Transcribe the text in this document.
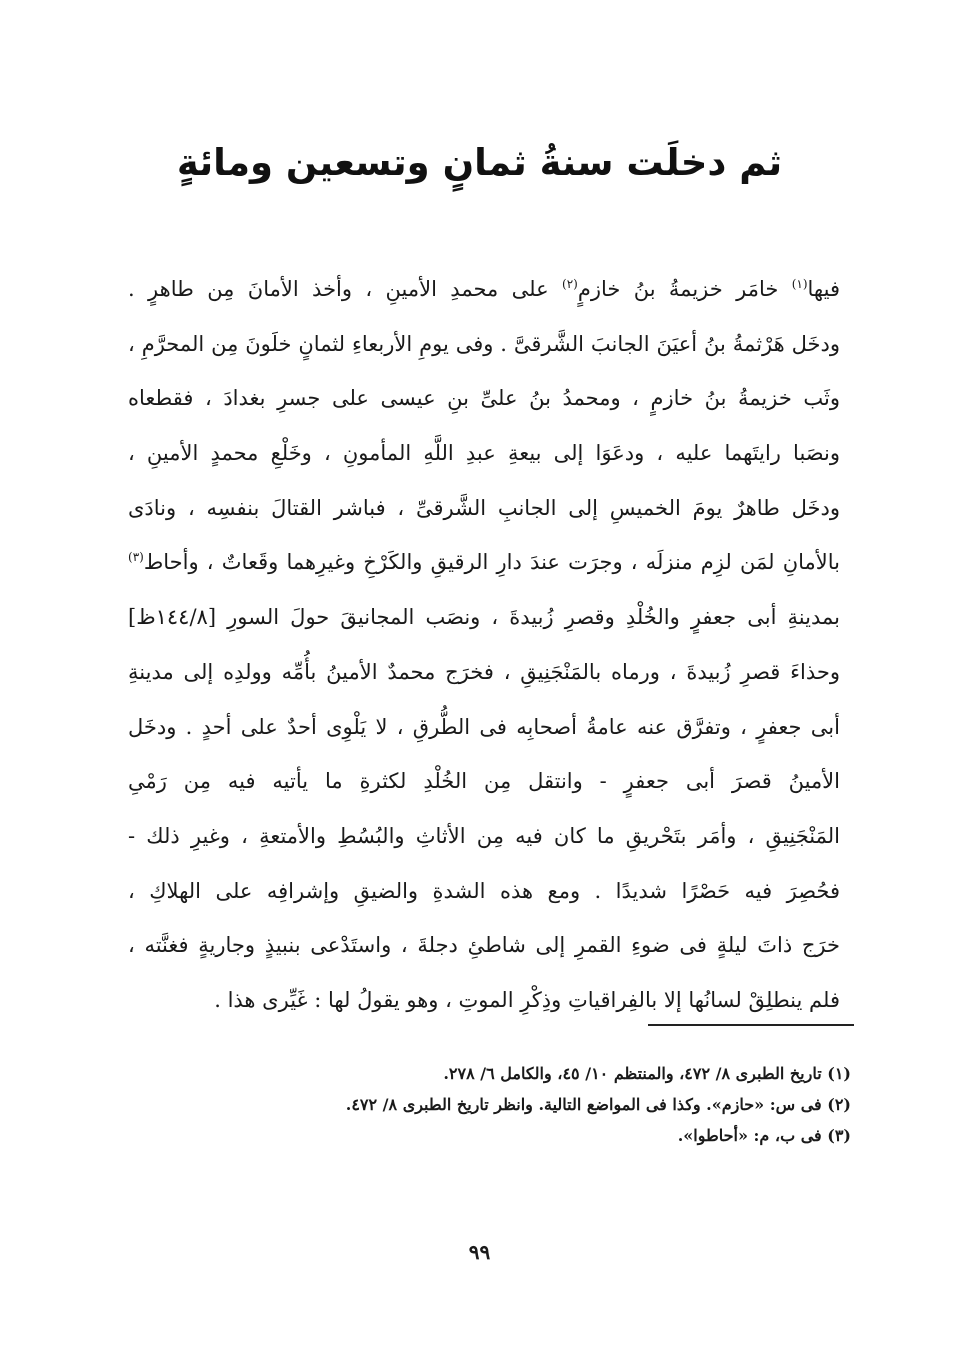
ثم دخلَت سنةُ ثمانٍ وتسعين ومائةٍ
فيها$^{(١)}$ خامَر خزيمةُ بنُ خازمٍ$^{(٢)}$ على محمدِ الأمينِ ، وأخذ الأمانَ مِن طاهرٍ .
ودخَل هَرْثمةُ بنُ أعيَنَ الجانبَ الشَّرقىَّ . وفى يومِ الأربعاءِ لثمانٍ خلَونَ مِن المحرَّمِ ،
وثَب خزيمةُ بنُ خازمٍ ، ومحمدُ بنُ علىِّ بنِ عيسى على جسرِ بغدادَ ، فقطعاه
ونصَبا رايتَهما عليه ، ودعَوَا إلى بيعةِ عبدِ اللَّهِ المأمونِ ، وخَلْعِ محمدٍ الأمينِ ،
ودخَل طاهرٌ يومَ الخميسِ إلى الجانبِ الشَّرقىِّ ، فباشر القتالَ بنفسِه ، ونادَى
بالأمانِ لمَن لزِم منزلَه ، وجرَت عندَ دارِ الرقيقِ والكَرْخِ وغيرِهما وقَعاتٌ ، وأحاط$^{(٣)}$
بمدينةِ أبى جعفرٍ والخُلْدِ وقصرِ زُبيدةَ ، ونصَب المجانيقَ حولَ السورِ [١٤٤/٨ظ]
وحذاءَ قصرِ زُبيدةَ ، ورماه بالمَنْجَنِيقِ ، فخرَج محمدٌ الأمينُ بأُمِّه وولدِه إلى مدينةِ
أبى جعفرٍ ، وتفرَّق عنه عامةُ أصحابِه فى الطُّرقِ ، لا يَلْوِى أحدٌ على أحدٍ . ودخَل
الأمينُ قصرَ أبى جعفرٍ - وانتقل مِن الخُلْدِ لكثرةِ ما يأتيه فيه مِن رَمْىِ
المَنْجَنِيقِ ، وأمَر بتَحْريقِ ما كان فيه مِن الأثاثِ والبُسُطِ والأمتعةِ ، وغيرِ ذلك -
فحُصِرَ فيه حَصْرًا شديدًا . ومع هذه الشدةِ والضيقِ وإشرافِه على الهلاكِ ،
خرَج ذاتَ ليلةٍ فى ضوءِ القمرِ إلى شاطئِ دجلةَ ، واستَدْعى بنبيذٍ وجاريةٍ فغنَّته ،
فلم ينطلِقْ لسانُها إلا بالفِراقياتِ وذِكْرِ الموتِ ، وهو يقولُ لها : غَيِّرى هذا .
(١) تاريخ الطبرى ٨/ ٤٧٢، والمنتظم ١٠/ ٤٥، والكامل ٦/ ٢٧٨.
(٢) فى س: «حازم». وكذا فى المواضع التالية. وانظر تاريخ الطبرى ٨/ ٤٧٢.
(٣) فى ب، م: «أحاطوا».
٩٩
